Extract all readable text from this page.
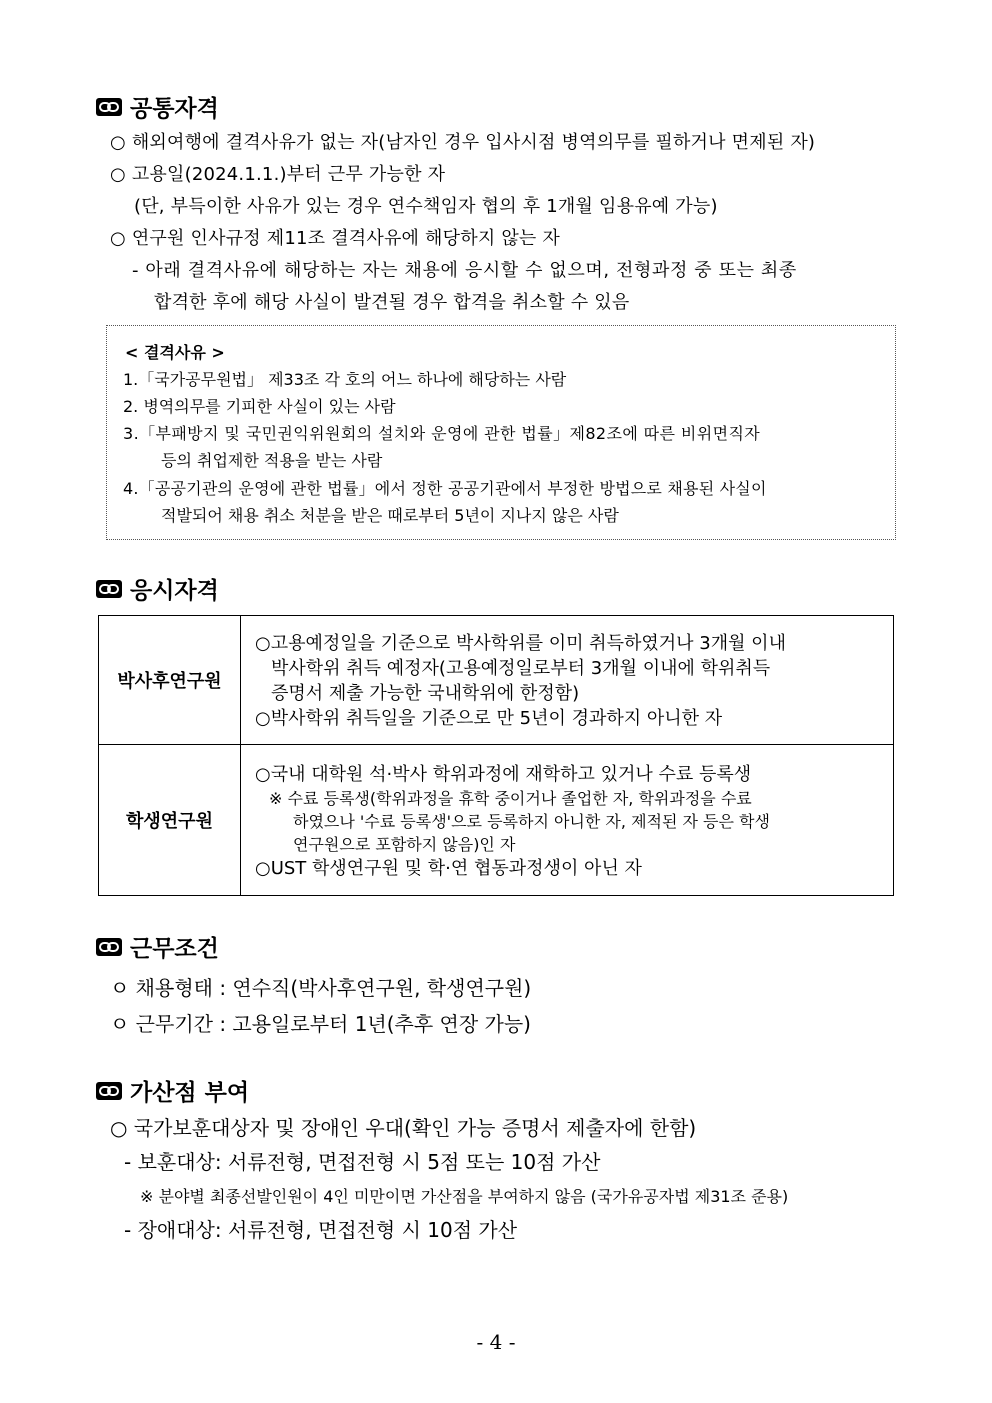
공통자격
○ 해외여행에 결격사유가 없는 자(남자인 경우 입사시점 병역의무를 필하거나 면제된 자)
○ 고용일(2024.1.1.)부터 근무 가능한 자
(단, 부득이한 사유가 있는 경우 연수책임자 협의 후 1개월 임용유예 가능)
○ 연구원 인사규정 제11조 결격사유에 해당하지 않는 자
- 아래 결격사유에 해당하는 자는 채용에 응시할 수 없으며, 전형과정 중 또는 최종
합격한 후에 해당 사실이 발견될 경우 합격을 취소할 수 있음
< 결격사유 >
1.「국가공무원법」 제33조 각 호의 어느 하나에 해당하는 사람
2. 병역의무를 기피한 사실이 있는 사람
3.「부패방지 및 국민권익위원회의 설치와 운영에 관한 법률」제82조에 따른 비위면직자
등의 취업제한 적용을 받는 사람
4.「공공기관의 운영에 관한 법률」에서 정한 공공기관에서 부정한 방법으로 채용된 사실이
적발되어 채용 취소 처분을 받은 때로부터 5년이 지나지 않은 사람
응시자격
박사후연구원	○고용예정일을 기준으로 박사학위를 이미 취득하였거나 3개월 이내
박사학위 취득 예정자(고용예정일로부터 3개월 이내에 학위취득
증명서 제출 가능한 국내학위에 한정함)
○박사학위 취득일을 기준으로 만 5년이 경과하지 아니한 자

학생연구원	○국내 대학원 석·박사 학위과정에 재학하고 있거나 수료 등록생
※ 수료 등록생(학위과정을 휴학 중이거나 졸업한 자, 학위과정을 수료
하였으나 '수료 등록생'으로 등록하지 아니한 자, 제적된 자 등은 학생
연구원으로 포함하지 않음)인 자
○UST 학생연구원 및 학·연 협동과정생이 아닌 자
근무조건
ㅇ 채용형태 : 연수직(박사후연구원, 학생연구원)
ㅇ 근무기간 : 고용일로부터 1년(추후 연장 가능)
가산점 부여
○ 국가보훈대상자 및 장애인 우대(확인 가능 증명서 제출자에 한함)
- 보훈대상: 서류전형, 면접전형 시 5점 또는 10점 가산
※ 분야별 최종선발인원이 4인 미만이면 가산점을 부여하지 않음 (국가유공자법 제31조 준용)
- 장애대상: 서류전형, 면접전형 시 10점 가산
- 4 -
